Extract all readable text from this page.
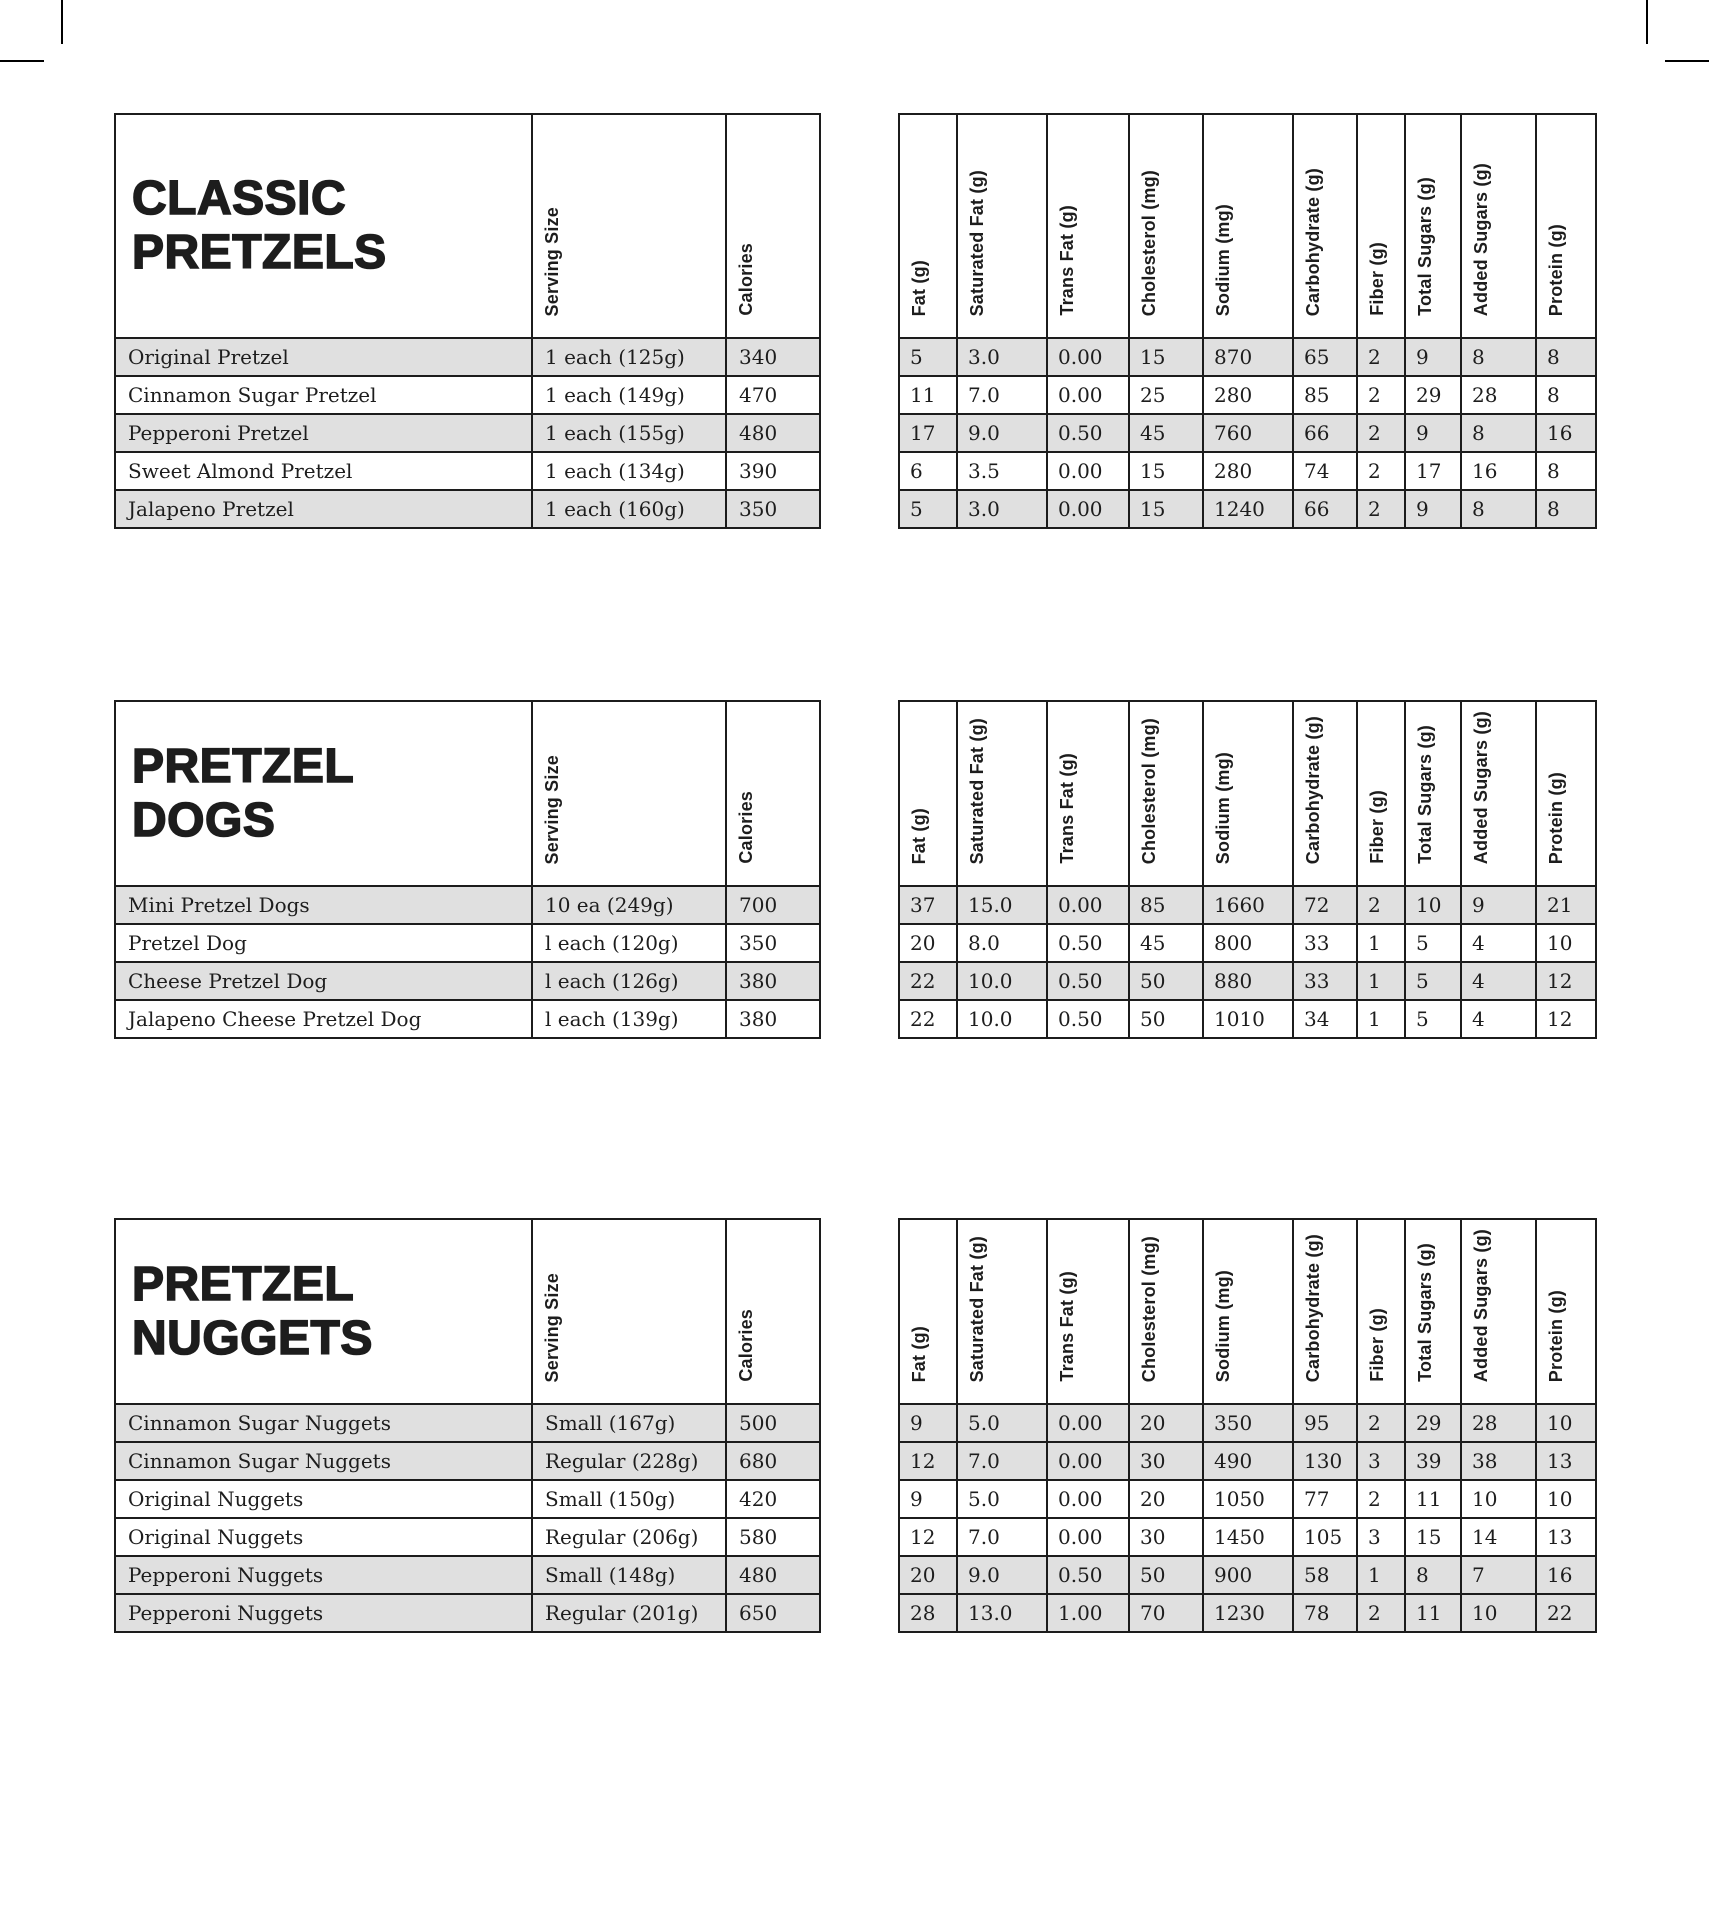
CLASSIC
PRETZELS	Serving Size	Calories
Original Pretzel	1 each (125g)	340
Cinnamon Sugar Pretzel	1 each (149g)	470
Pepperoni Pretzel	1 each (155g)	480
Sweet Almond Pretzel	1 each (134g)	390
Jalapeno Pretzel	1 each (160g)	350
Fat (g)	Saturated Fat (g)	Trans Fat (g)	Cholesterol (mg)	Sodium (mg)	Carbohydrate (g)	Fiber (g)	Total Sugars (g)	Added Sugars (g)	Protein (g)
5	3.0	0.00	15	870	65	2	9	8	8
11	7.0	0.00	25	280	85	2	29	28	8
17	9.0	0.50	45	760	66	2	9	8	16
6	3.5	0.00	15	280	74	2	17	16	8
5	3.0	0.00	15	1240	66	2	9	8	8
PRETZEL
DOGS	Serving Size	Calories
Mini Pretzel Dogs	10 ea (249g)	700
Pretzel Dog	l each (120g)	350
Cheese Pretzel Dog	l each (126g)	380
Jalapeno Cheese Pretzel Dog	l each (139g)	380
Fat (g)	Saturated Fat (g)	Trans Fat (g)	Cholesterol (mg)	Sodium (mg)	Carbohydrate (g)	Fiber (g)	Total Sugars (g)	Added Sugars (g)	Protein (g)
37	15.0	0.00	85	1660	72	2	10	9	21
20	8.0	0.50	45	800	33	1	5	4	10
22	10.0	0.50	50	880	33	1	5	4	12
22	10.0	0.50	50	1010	34	1	5	4	12
PRETZEL
NUGGETS	Serving Size	Calories
Cinnamon Sugar Nuggets	Small (167g)	500
Cinnamon Sugar Nuggets	Regular (228g)	680
Original Nuggets	Small (150g)	420
Original Nuggets	Regular (206g)	580
Pepperoni Nuggets	Small (148g)	480
Pepperoni Nuggets	Regular (201g)	650
Fat (g)	Saturated Fat (g)	Trans Fat (g)	Cholesterol (mg)	Sodium (mg)	Carbohydrate (g)	Fiber (g)	Total Sugars (g)	Added Sugars (g)	Protein (g)
9	5.0	0.00	20	350	95	2	29	28	10
12	7.0	0.00	30	490	130	3	39	38	13
9	5.0	0.00	20	1050	77	2	11	10	10
12	7.0	0.00	30	1450	105	3	15	14	13
20	9.0	0.50	50	900	58	1	8	7	16
28	13.0	1.00	70	1230	78	2	11	10	22
